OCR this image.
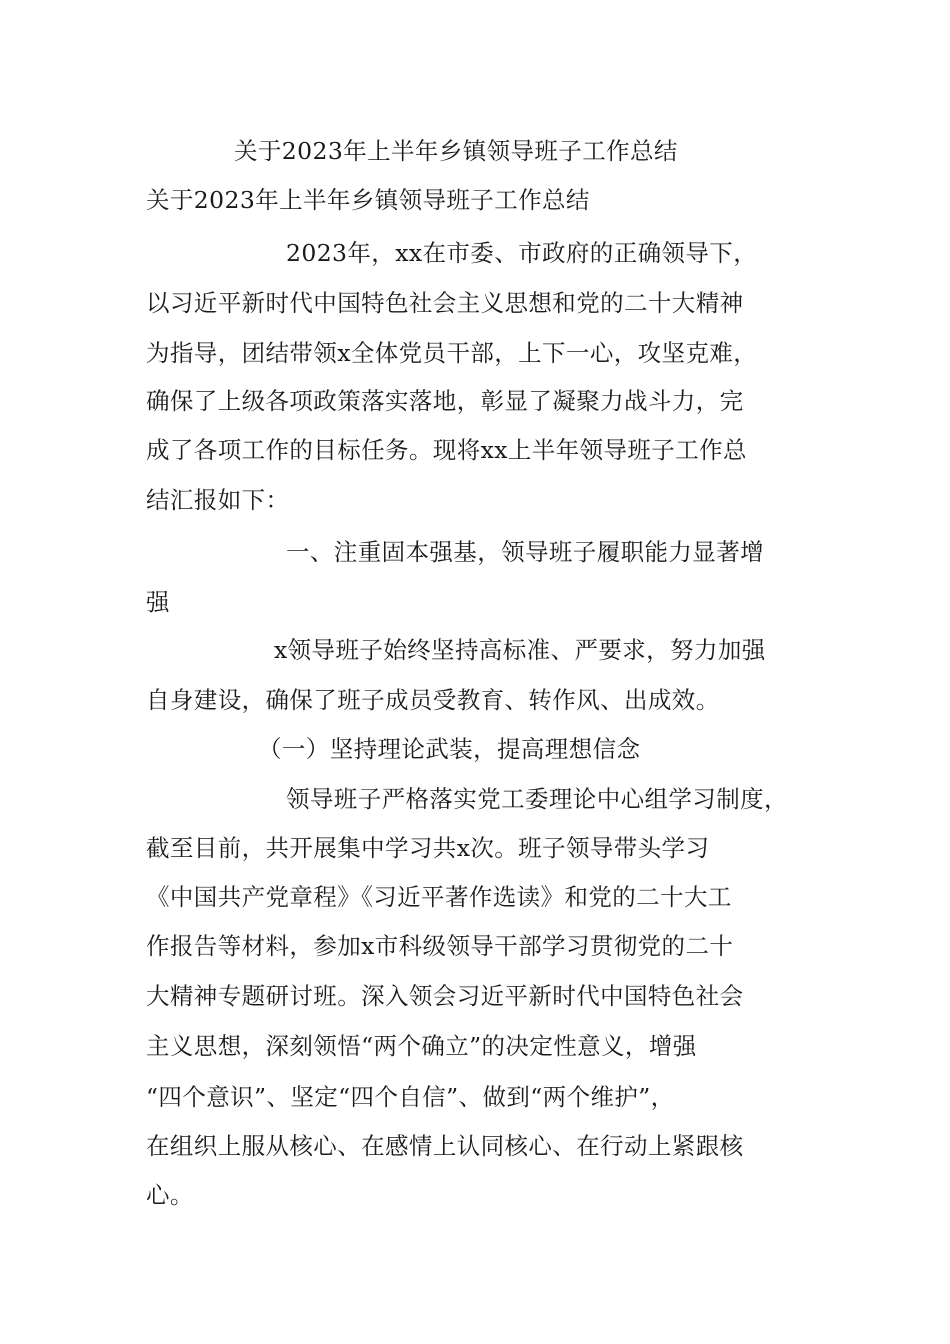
关于2023年上半年乡镇领导班子工作总结
关于2023年上半年乡镇领导班子工作总结
2023年，xx在市委、市政府的正确领导下，
以习近平新时代中国特色社会主义思想和党的二十大精神
为指导，团结带领x全体党员干部，上下一心，攻坚克难，
确保了上级各项政策落实落地，彰显了凝聚力战斗力，完
成了各项工作的目标任务。现将xx上半年领导班子工作总
结汇报如下：
一、注重固本强基，领导班子履职能力显著增
强
x领导班子始终坚持高标准、严要求，努力加强
自身建设，确保了班子成员受教育、转作风、出成效。
（一）坚持理论武装，提高理想信念
领导班子严格落实党工委理论中心组学习制度，
截至目前，共开展集中学习共x次。班子领导带头学习
《中国共产党章程》《习近平著作选读》和党的二十大工
作报告等材料，参加x市科级领导干部学习贯彻党的二十
大精神专题研讨班。深入领会习近平新时代中国特色社会
主义思想，深刻领悟“两个确立”的决定性意义，增强
“四个意识”、坚定“四个自信”、做到“两个维护”，
在组织上服从核心、在感情上认同核心、在行动上紧跟核
心。
